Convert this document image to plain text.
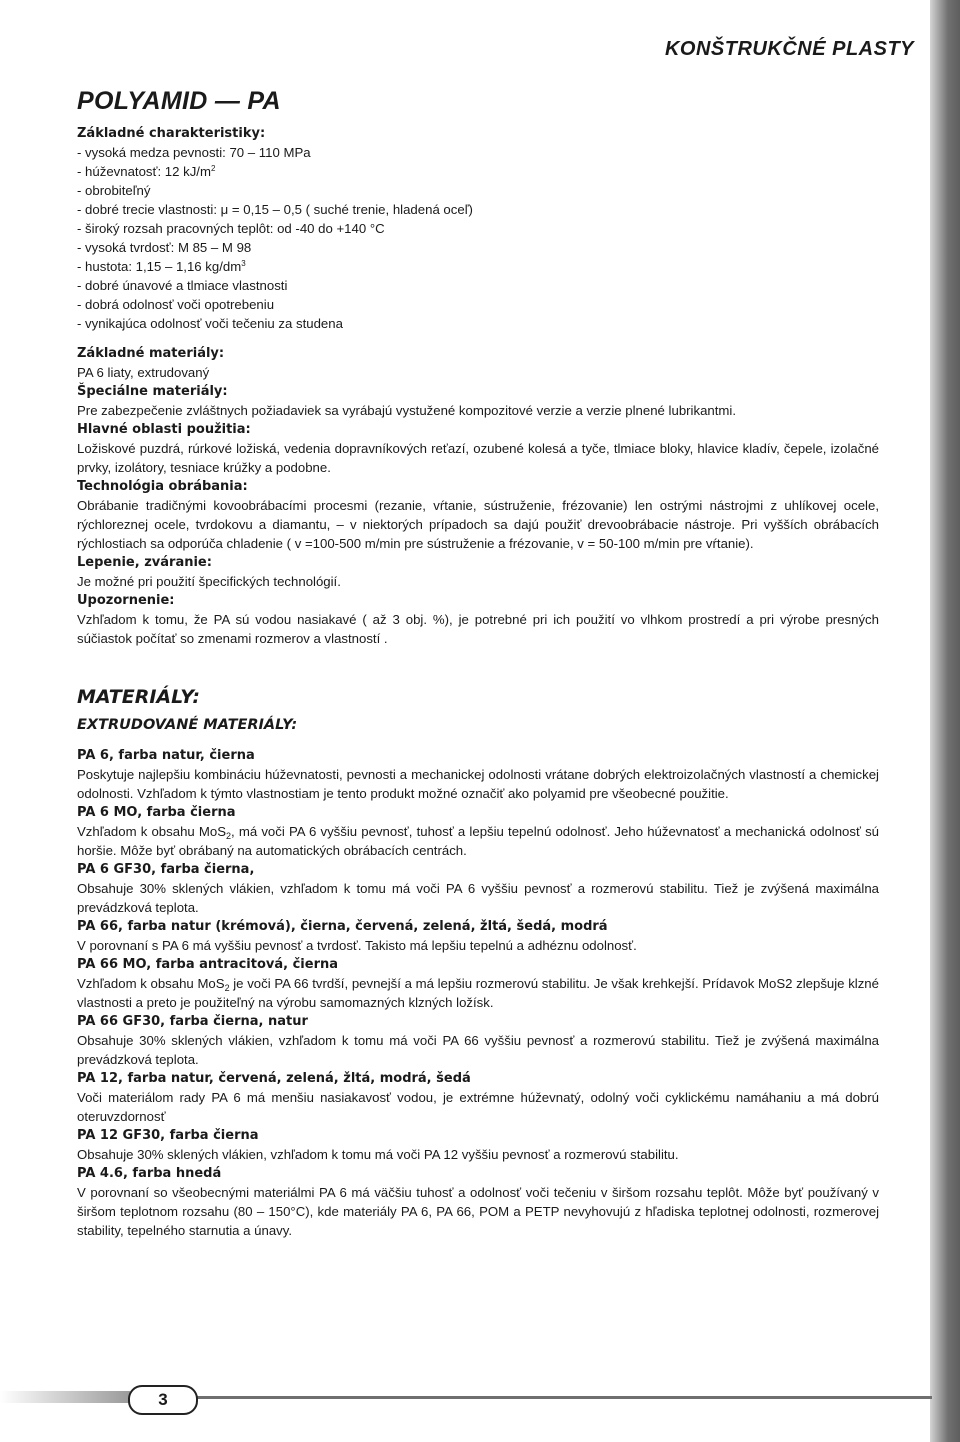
KONŠTRUKČNÉ PLASTY
POLYAMID — PA
Základné charakteristiky:
- vysoká medza pevnosti: 70 – 110 MPa
- húževnatosť: 12 $kJ/m^2$
- obrobiteľný
- dobré trecie vlastnosti: μ = 0,15 – 0,5 ( suché trenie, hladená oceľ)
- široký rozsah pracovných teplôt: od -40 do +140 °C
- vysoká tvrdosť: M 85 – M 98
- hustota: 1,15 – 1,16 $kg/dm^3$
- dobré únavové a tlmiace vlastnosti
- dobrá odolnosť voči opotrebeniu
- vynikajúca odolnosť voči tečeniu za studena
Základné materiály:

PA 6 liaty, extrudovaný

Špeciálne materiály:

Pre zabezpečenie zvláštnych požiadaviek sa vyrábajú vystužené kompozitové verzie a verzie plnené lubrikantmi.

Hlavné oblasti použitia:

Ložiskové puzdrá, rúrkové ložiská, vedenia dopravníkových reťazí, ozubené kolesá a tyče, tlmiace bloky, hlavice kladív, čepele, izolačné prvky, izolátory, tesniace krúžky a podobne.

Technológia obrábania:

Obrábanie tradičnými kovoobrábacími procesmi (rezanie, vŕtanie, sústruženie, frézovanie) len ostrými nástrojmi z uhlíkovej ocele, rýchloreznej ocele, tvrdokovu a diamantu, – v niektorých prípadoch sa dajú použiť drevoobrábacie nástroje. Pri vyšších obrábacích rýchlostiach sa odporúča chladenie ( v =100-500 m/min pre sústruženie a frézovanie, v = 50-100 m/min pre vŕtanie).

Lepenie, zváranie:

Je možné pri použití špecifických technológií.

Upozornenie:

Vzhľadom k tomu, že PA sú vodou nasiakavé ( až 3 obj. %), je potrebné pri ich použití vo vlhkom prostredí a pri výrobe presných súčiastok počítať so zmenami rozmerov a vlastností .

MATERIÁLY:
EXTRUDOVANÉ MATERIÁLY:
PA 6, farba natur, čierna

Poskytuje najlepšiu kombináciu húževnatosti, pevnosti a mechanickej odolnosti vrátane dobrých elektroizolačných vlastností a chemickej odolnosti. Vzhľadom k týmto vlastnostiam je tento produkt možné označiť ako polyamid pre všeobecné použitie.

PA 6 MO, farba čierna

Vzhľadom k obsahu MoS$_2$, má voči PA 6 vyššiu pevnosť, tuhosť a lepšiu tepelnú odolnosť. Jeho húževnatosť a mechanická odolnosť sú horšie. Môže byť obrábaný na automatických obrábacích centrách.

PA 6 GF30, farba čierna,

Obsahuje 30% sklených vlákien, vzhľadom k tomu má voči PA 6 vyššiu pevnosť a rozmerovú stabilitu. Tiež je zvýšená maximálna prevádzková teplota.

PA 66, farba natur (krémová), čierna, červená, zelená, žltá, šedá, modrá

V porovnaní s PA 6 má vyššiu pevnosť a tvrdosť. Takisto má lepšiu tepelnú a adhéznu odolnosť.

PA 66 MO, farba antracitová, čierna

Vzhľadom k obsahu MoS$_2$ je voči PA 66 tvrdší, pevnejší a má lepšiu rozmerovú stabilitu. Je však krehkejší. Prídavok MoS2 zlepšuje klzné vlastnosti a preto je použiteľný na výrobu samomazných klzných ložísk.

PA 66 GF30, farba čierna, natur

Obsahuje 30% sklených vlákien, vzhľadom k tomu má voči PA 66 vyššiu pevnosť a rozmerovú stabilitu. Tiež je zvýšená maximálna prevádzková teplota.

PA 12, farba natur, červená, zelená, žltá, modrá, šedá

Voči materiálom rady PA 6 má menšiu nasiakavosť vodou, je extrémne húževnatý, odolný voči cyklickému namáhaniu a má dobrú oteruvzdornosť

PA 12 GF30, farba čierna

Obsahuje 30% sklených vlákien, vzhľadom k tomu má voči PA 12 vyššiu pevnosť a rozmerovú stabilitu.

PA 4.6, farba hnedá

V porovnaní so všeobecnými materiálmi PA 6 má väčšiu tuhosť a odolnosť voči tečeniu v širšom rozsahu teplôt. Môže byť používaný v širšom teplotnom rozsahu (80 – 150°C), kde materiály PA 6, PA 66, POM a PETP nevyhovujú z hľadiska teplotnej odolnosti, rozmerovej stability, tepelného starnutia a únavy.

3
